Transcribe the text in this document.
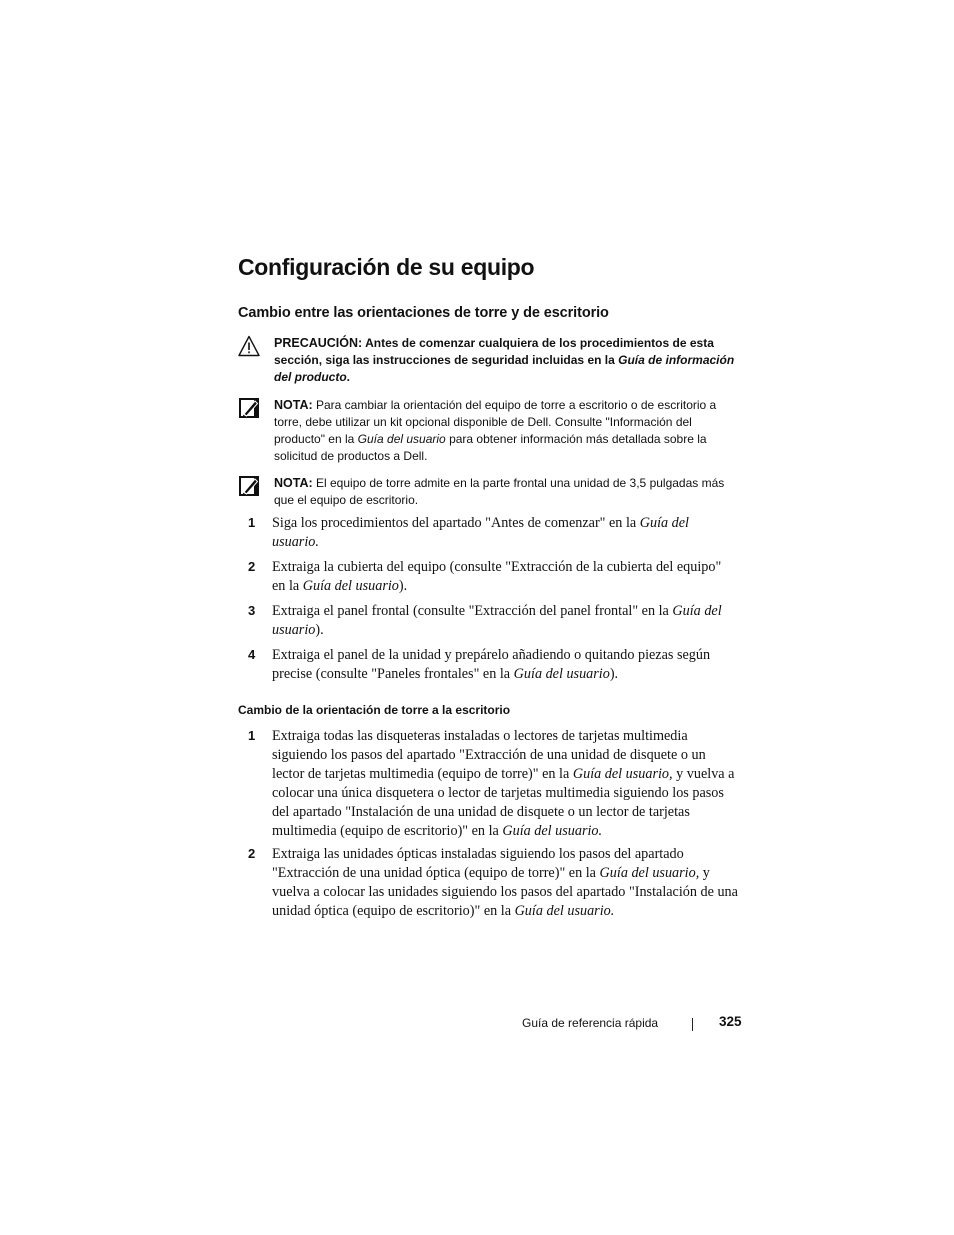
Configuración de su equipo
Cambio entre las orientaciones de torre y de escritorio
PRECAUCIÓN: Antes de comenzar cualquiera de los procedimientos de esta sección, siga las instrucciones de seguridad incluidas en la Guía de información del producto.
NOTA: Para cambiar la orientación del equipo de torre a escritorio o de escritorio a torre, debe utilizar un kit opcional disponible de Dell. Consulte "Información del producto" en la Guía del usuario para obtener información más detallada sobre la solicitud de productos a Dell.
NOTA: El equipo de torre admite en la parte frontal una unidad de 3,5 pulgadas más que el equipo de escritorio.
1 Siga los procedimientos del apartado "Antes de comenzar" en la Guía del usuario.
2 Extraiga la cubierta del equipo (consulte "Extracción de la cubierta del equipo" en la Guía del usuario).
3 Extraiga el panel frontal (consulte "Extracción del panel frontal" en la Guía del usuario).
4 Extraiga el panel de la unidad y prepárelo añadiendo o quitando piezas según precise (consulte "Paneles frontales" en la Guía del usuario).
Cambio de la orientación de torre a la escritorio
1 Extraiga todas las disqueteras instaladas o lectores de tarjetas multimedia siguiendo los pasos del apartado "Extracción de una unidad de disquete o un lector de tarjetas multimedia (equipo de torre)" en la Guía del usuario, y vuelva a colocar una única disquetera o lector de tarjetas multimedia siguiendo los pasos del apartado "Instalación de una unidad de disquete o un lector de tarjetas multimedia (equipo de escritorio)" en la Guía del usuario.
2 Extraiga las unidades ópticas instaladas siguiendo los pasos del apartado "Extracción de una unidad óptica (equipo de torre)" en la Guía del usuario, y vuelva a colocar las unidades siguiendo los pasos del apartado "Instalación de una unidad óptica (equipo de escritorio)" en la Guía del usuario.
Guía de referencia rápida	325
